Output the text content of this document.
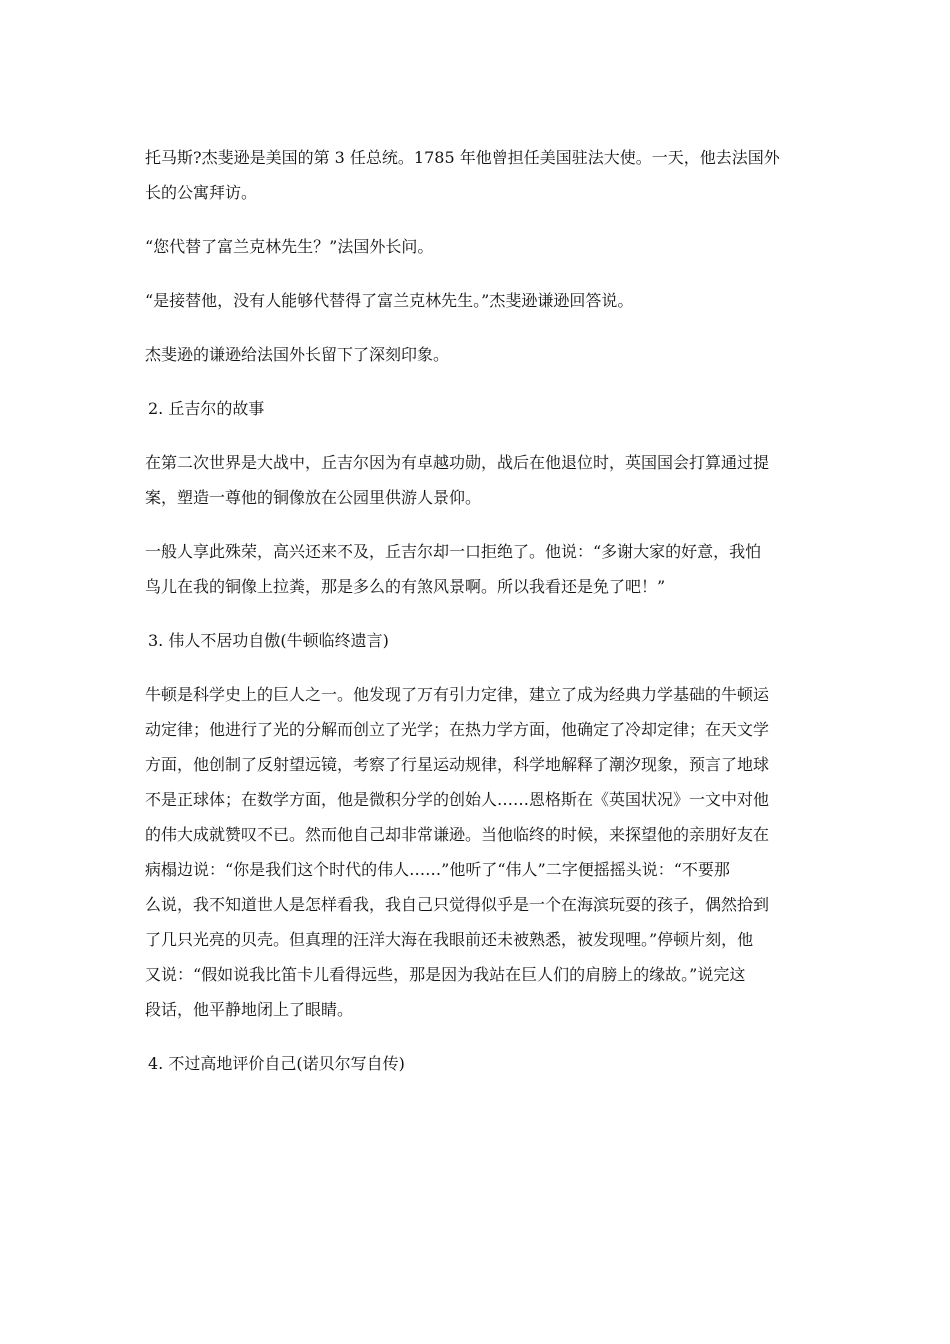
托马斯?杰斐逊是美国的第 3 任总统。1785 年他曾担任美国驻法大使。一天，他去法国外
长的公寓拜访。

“您代替了富兰克林先生？”法国外长问。

“是接替他，没有人能够代替得了富兰克林先生。”杰斐逊谦逊回答说。

杰斐逊的谦逊给法国外长留下了深刻印象。

2. 丘吉尔的故事

在第二次世界是大战中，丘吉尔因为有卓越功勋，战后在他退位时，英国国会打算通过提
案，塑造一尊他的铜像放在公园里供游人景仰。

一般人享此殊荣，高兴还来不及，丘吉尔却一口拒绝了。他说：“多谢大家的好意，我怕
鸟儿在我的铜像上拉粪，那是多么的有煞风景啊。所以我看还是免了吧！”

3. 伟人不居功自傲(牛顿临终遗言)

牛顿是科学史上的巨人之一。他发现了万有引力定律，建立了成为经典力学基础的牛顿运
动定律；他进行了光的分解而创立了光学；在热力学方面，他确定了冷却定律；在天文学
方面，他创制了反射望远镜，考察了行星运动规律，科学地解释了潮汐现象，预言了地球
不是正球体；在数学方面，他是微积分学的创始人……恩格斯在《英国状况》一文中对他
的伟大成就赞叹不已。然而他自己却非常谦逊。当他临终的时候，来探望他的亲朋好友在
病榻边说：“你是我们这个时代的伟人……”他听了“伟人”二字便摇摇头说：“不要那
么说，我不知道世人是怎样看我，我自己只觉得似乎是一个在海滨玩耍的孩子，偶然拾到
了几只光亮的贝壳。但真理的汪洋大海在我眼前还未被熟悉，被发现哩。”停顿片刻，他
又说：“假如说我比笛卡儿看得远些，那是因为我站在巨人们的肩膀上的缘故。”说完这
段话，他平静地闭上了眼睛。

4. 不过高地评价自己(诺贝尔写自传)
